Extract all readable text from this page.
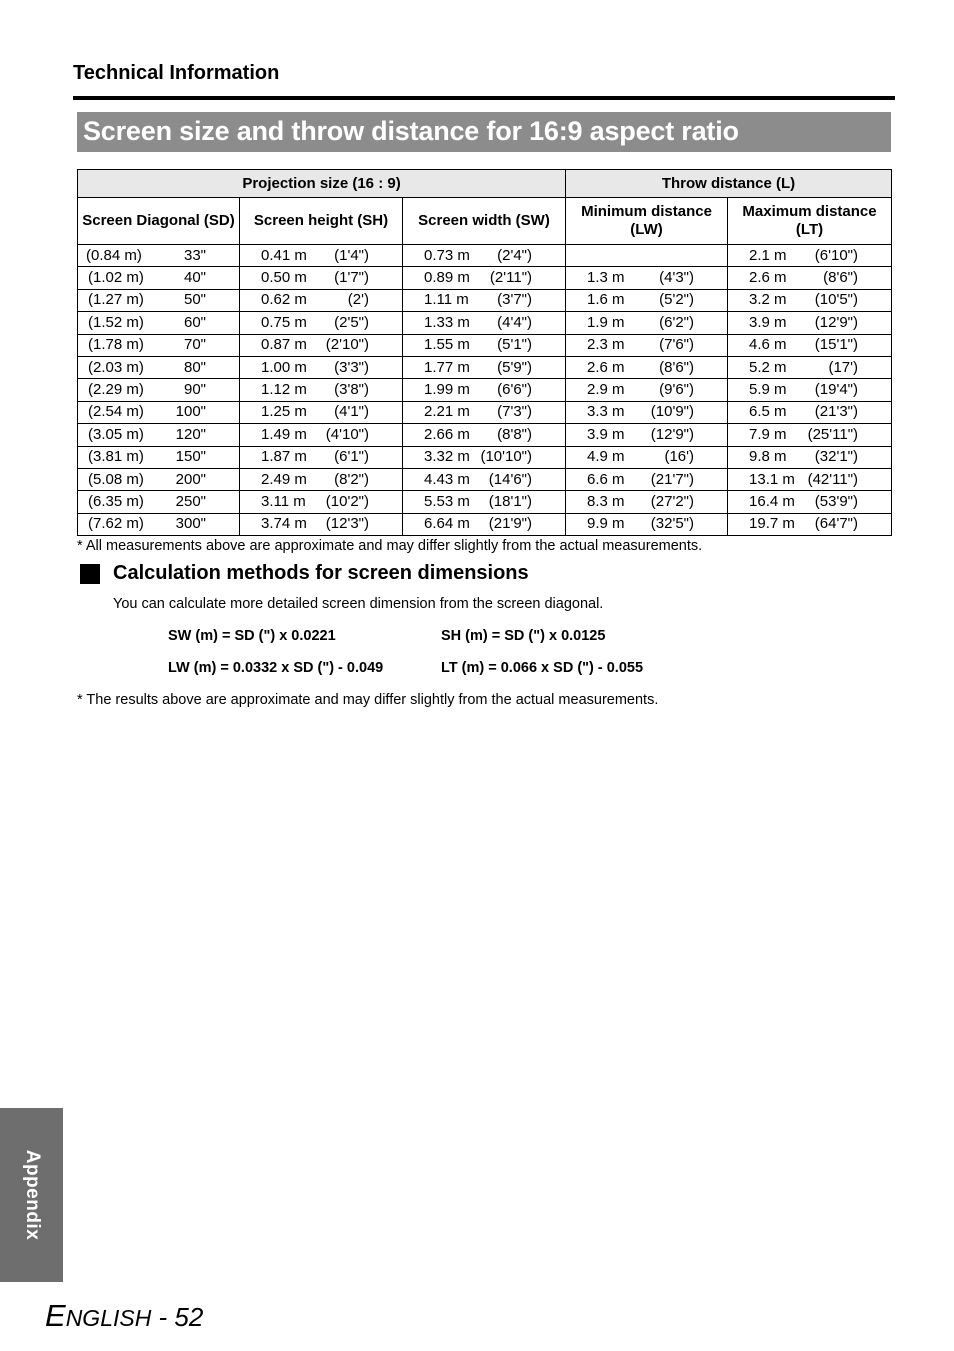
Technical Information
Screen size and throw distance for 16:9 aspect ratio
Projection size (16 : 9)			Throw distance (L)	
Screen Diagonal (SD)	Screen height (SH)	Screen width (SW)	Minimum distance (LW)	Maximum distance (LT)

(0.84 m) 33"	0.41 m (1'4")	0.73 m (2'4")		2.1 m (6'10")

(1.02 m) 40"	0.50 m (1'7")	0.89 m (2'11")	1.3 m (4'3")	2.6 m (8'6")

(1.27 m) 50"	0.62 m (2')	1.11 m (3'7")	1.6 m (5'2")	3.2 m (10'5")

(1.52 m) 60"	0.75 m (2'5")	1.33 m (4'4")	1.9 m (6'2")	3.9 m (12'9")

(1.78 m) 70"	0.87 m (2'10")	1.55 m (5'1")	2.3 m (7'6")	4.6 m (15'1")

(2.03 m) 80"	1.00 m (3'3")	1.77 m (5'9")	2.6 m (8'6")	5.2 m (17')

(2.29 m) 90"	1.12 m (3'8")	1.99 m (6'6")	2.9 m (9'6")	5.9 m (19'4")

(2.54 m) 100"	1.25 m (4'1")	2.21 m (7'3")	3.3 m (10'9")	6.5 m (21'3")

(3.05 m) 120"	1.49 m (4'10")	2.66 m (8'8")	3.9 m (12'9")	7.9 m (25'11")

(3.81 m) 150"	1.87 m (6'1")	3.32 m (10'10")	4.9 m (16')	9.8 m (32'1")

(5.08 m) 200"	2.49 m (8'2")	4.43 m (14'6")	6.6 m (21'7")	13.1 m (42'11")

(6.35 m) 250"	3.11 m (10'2")	5.53 m (18'1")	8.3 m (27'2")	16.4 m (53'9")

(7.62 m) 300"	3.74 m (12'3")	6.64 m (21'9")	9.9 m (32'5")	19.7 m (64'7")
* All measurements above are approximate and may differ slightly from the actual measurements.
Calculation methods for screen dimensions
You can calculate more detailed screen dimension from the screen diagonal.
SW (m) = SD (") x 0.0221	SH (m) = SD (") x 0.0125
LW (m) = 0.0332 x SD (") - 0.049	LT (m) = 0.066 x SD (") - 0.055
* The results above are approximate and may differ slightly from the actual measurements.
Appendix
ENGLISH - 52
